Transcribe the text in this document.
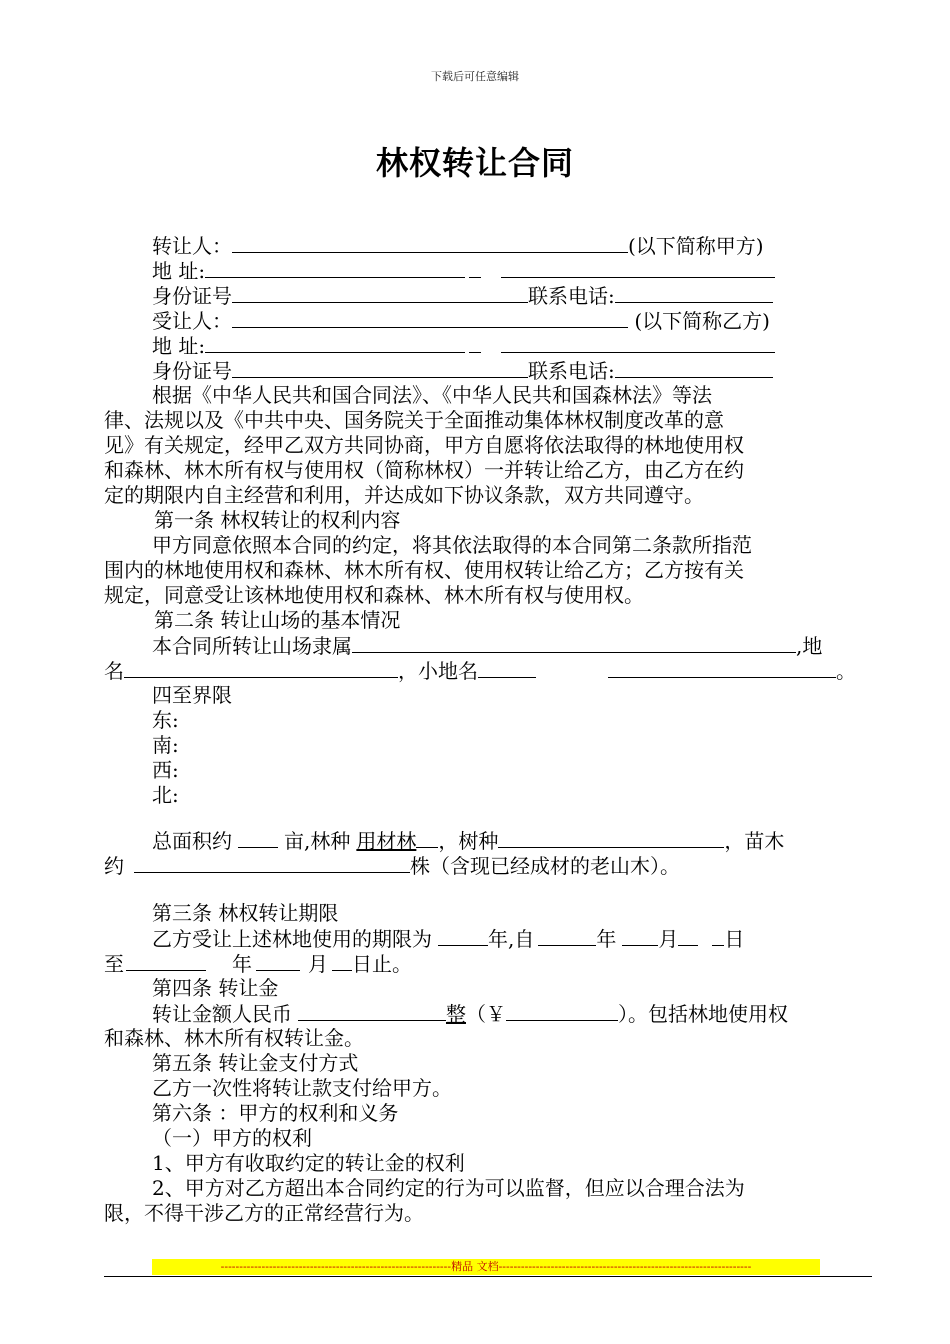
下载后可任意编辑
林权转让合同
转让人：	(以下简称甲方)
地 址:
身份证号	联系电话:
受让人：	(以下简称乙方)
地 址:
身份证号	联系电话:
根据《中华人民共和国合同法》、《中华人民共和国森林法》等法
律、法规以及《中共中央、国务院关于全面推动集体林权制度改革的意
见》有关规定，经甲乙双方共同协商，甲方自愿将依法取得的林地使用权
和森林、林木所有权与使用权（简称林权）一并转让给乙方，由乙方在约
定的期限内自主经营和利用，并达成如下协议条款，双方共同遵守。
第一条 林权转让的权利内容
甲方同意依照本合同的约定，将其依法取得的本合同第二条款所指范
围内的林地使用权和森林、林木所有权、使用权转让给乙方；乙方按有关
规定，同意受让该林地使用权和森林、林木所有权与使用权。
第二条 转让山场的基本情况
本合同所转让山场隶属	,地
名	，小地名	。
四至界限
东:
南:
西:
北:
总面积约	亩,林种 用材林 ，树种	，苗木
约	株（含现已经成材的老山木）。
第三条 林权转让期限
乙方受让上述林地使用的期限为	年,自	年 月 日
至	年	月 日止。
第四条 转让金
转让金额人民币	整（￥	）。包括林地使用权
和森林、林木所有权转让金。
第五条 转让金支付方式
乙方一次性将转让款支付给甲方。
第六条 ：甲方的权利和义务
（一）甲方的权利
1、甲方有收取约定的转让金的权利
2、甲方对乙方超出本合同约定的行为可以监督，但应以合理合法为
限，不得干涉乙方的正常经营行为。
--------------------------------------------------------------精品 文档--------------------------------------------------------------------
